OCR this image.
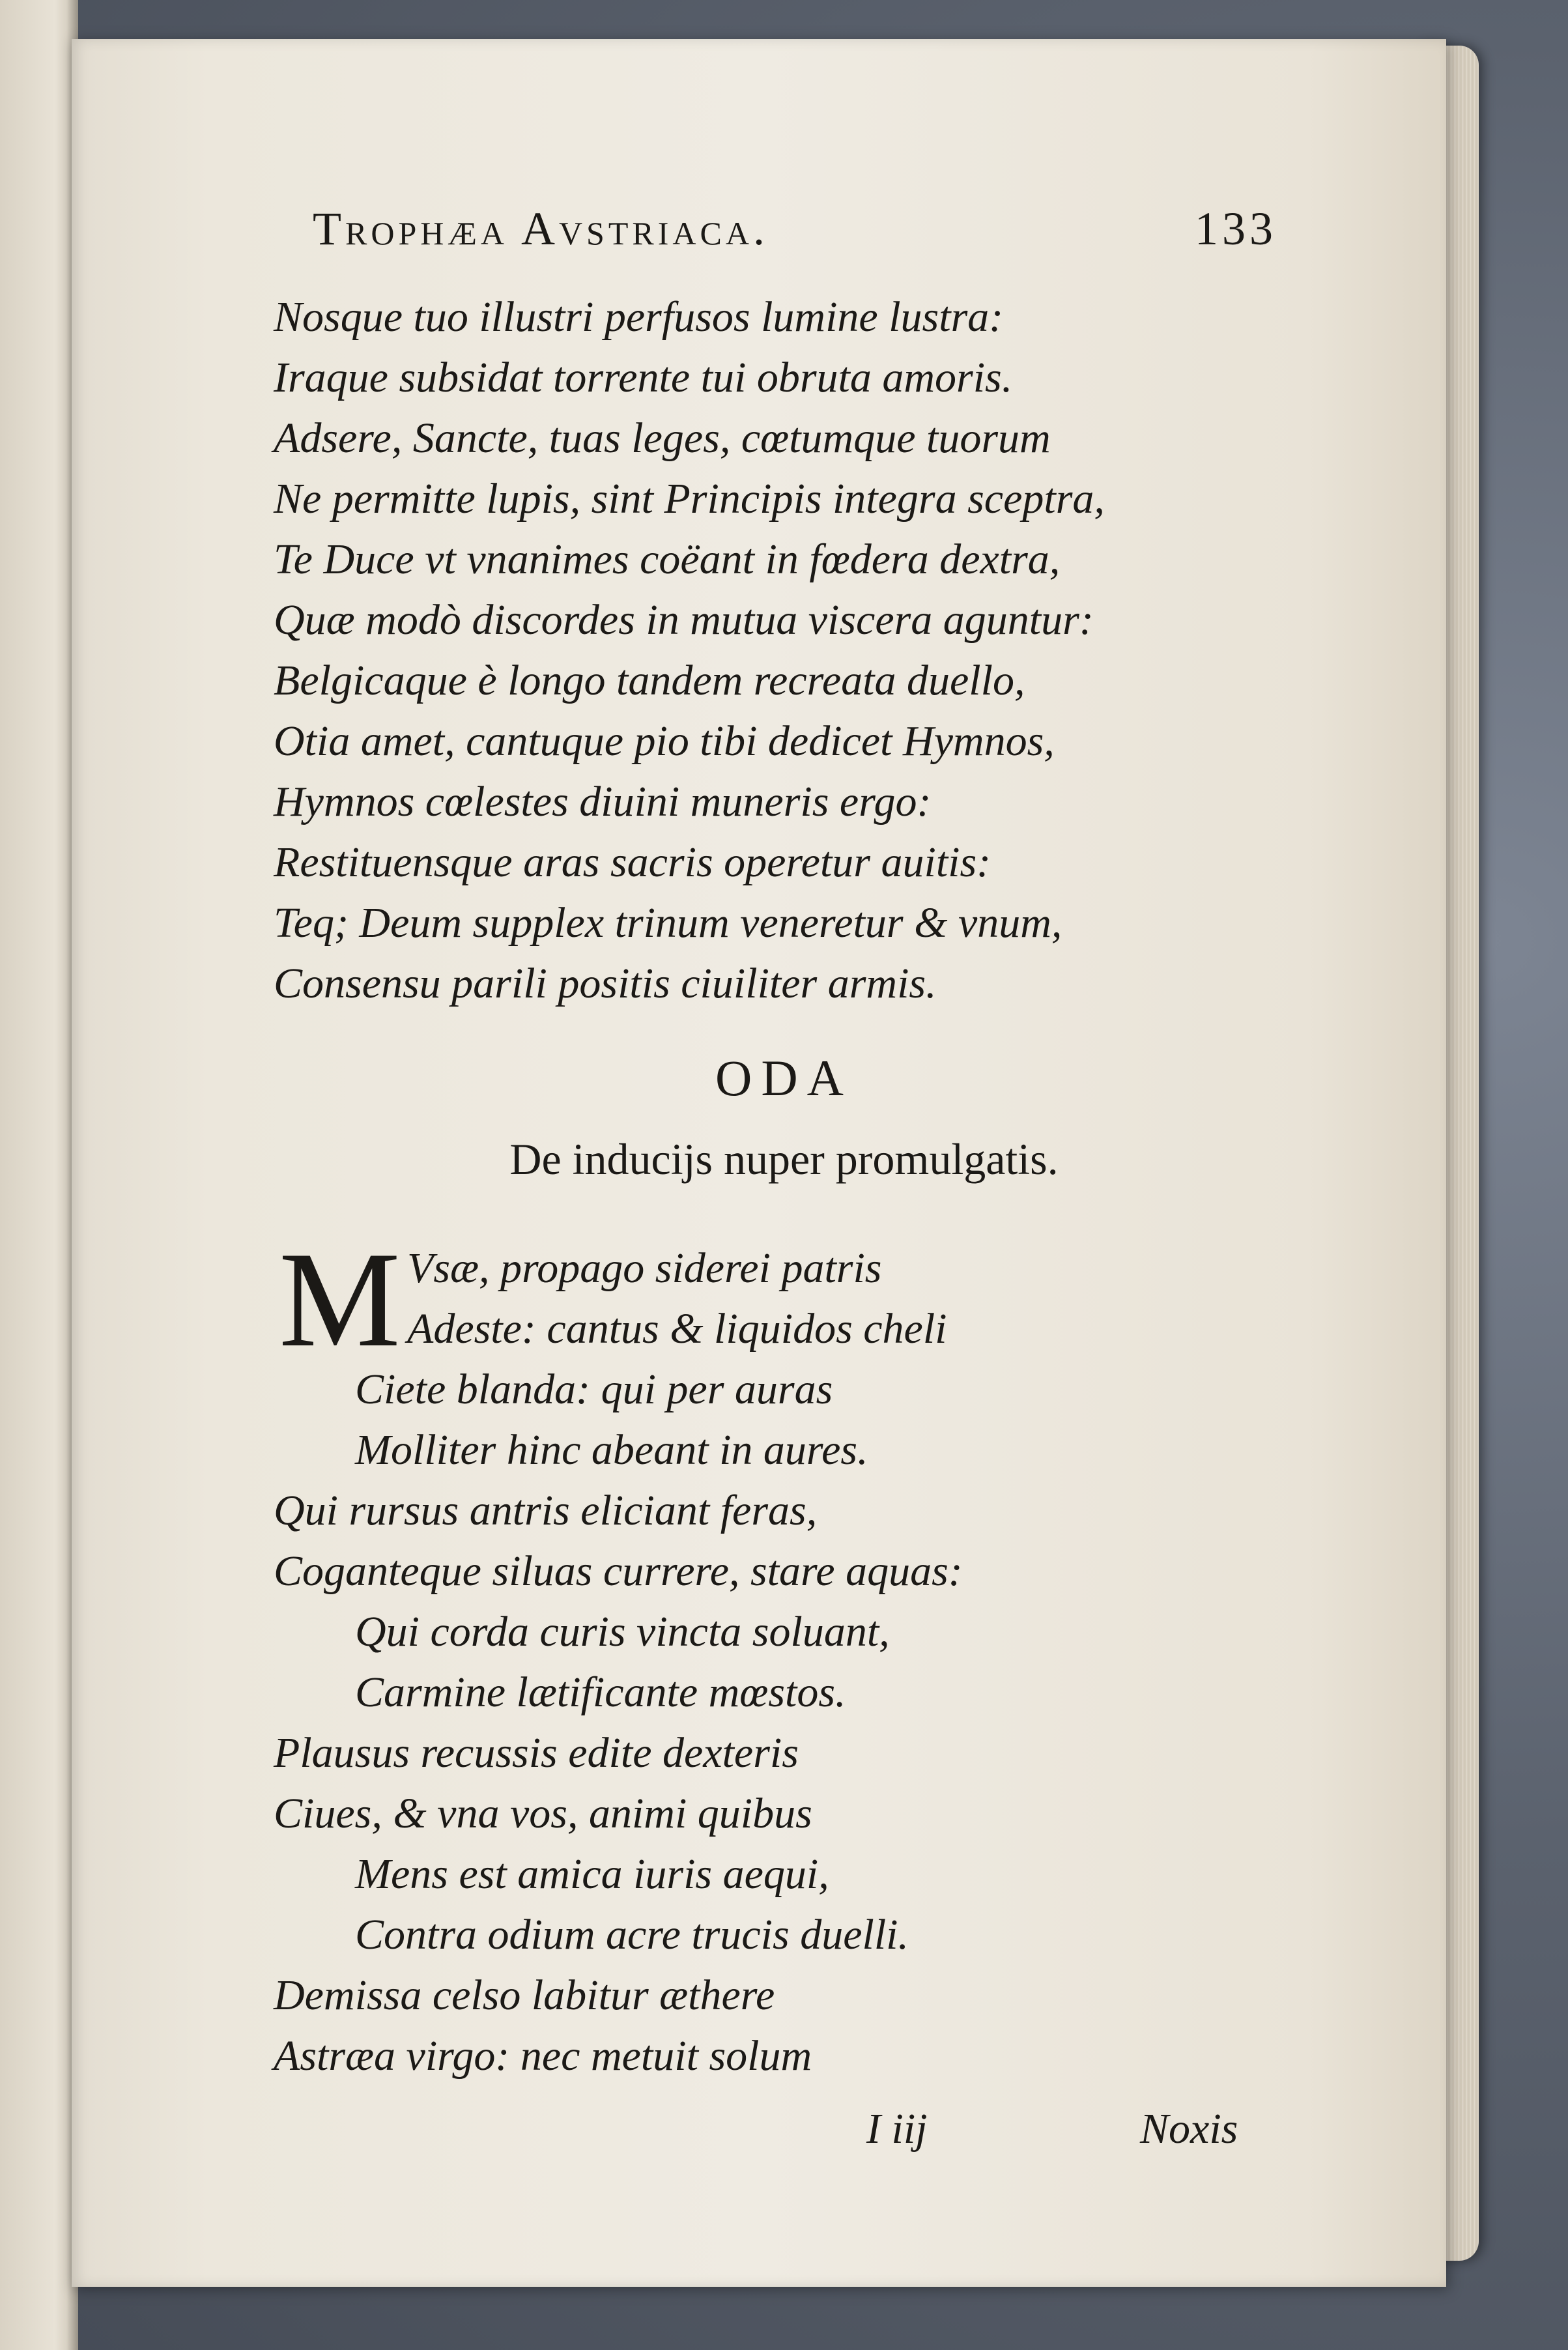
Trophæa Avstriaca.	133
Nosque tuo illustri perfusos lumine lustra:
Iraque subsidat torrente tui obruta amoris.
Adsere, Sancte, tuas leges, cœtumque tuorum
Ne permitte lupis, sint Principis integra sceptra,
Te Duce vt vnanimes coëant in fœdera dextra,
Quæ modò discordes in mutua viscera aguntur:
Belgicaque è longo tandem recreata duello,
Otia amet, cantuque pio tibi dedicet Hymnos,
Hymnos cœlestes diuini muneris ergo:
Restituensque aras sacris operetur auitis:
Teq; Deum supplex trinum veneretur & vnum,
Consensu parili positis ciuiliter armis.
ODA
De inducijs nuper promulgatis.
M Vsæ, propago siderei patris
Adeste: cantus & liquidos cheli
Ciete blanda: qui per auras
Molliter hinc abeant in aures.
Qui rursus antris eliciant feras,
Coganteque siluas currere, stare aquas:
Qui corda curis vincta soluant,
Carmine lætificante mœstos.
Plausus recussis edite dexteris
Ciues, & vna vos, animi quibus
Mens est amica iuris aequi,
Contra odium acre trucis duelli.
Demissa celso labitur æthere
Astræa virgo: nec metuit solum
I iij	Noxis
